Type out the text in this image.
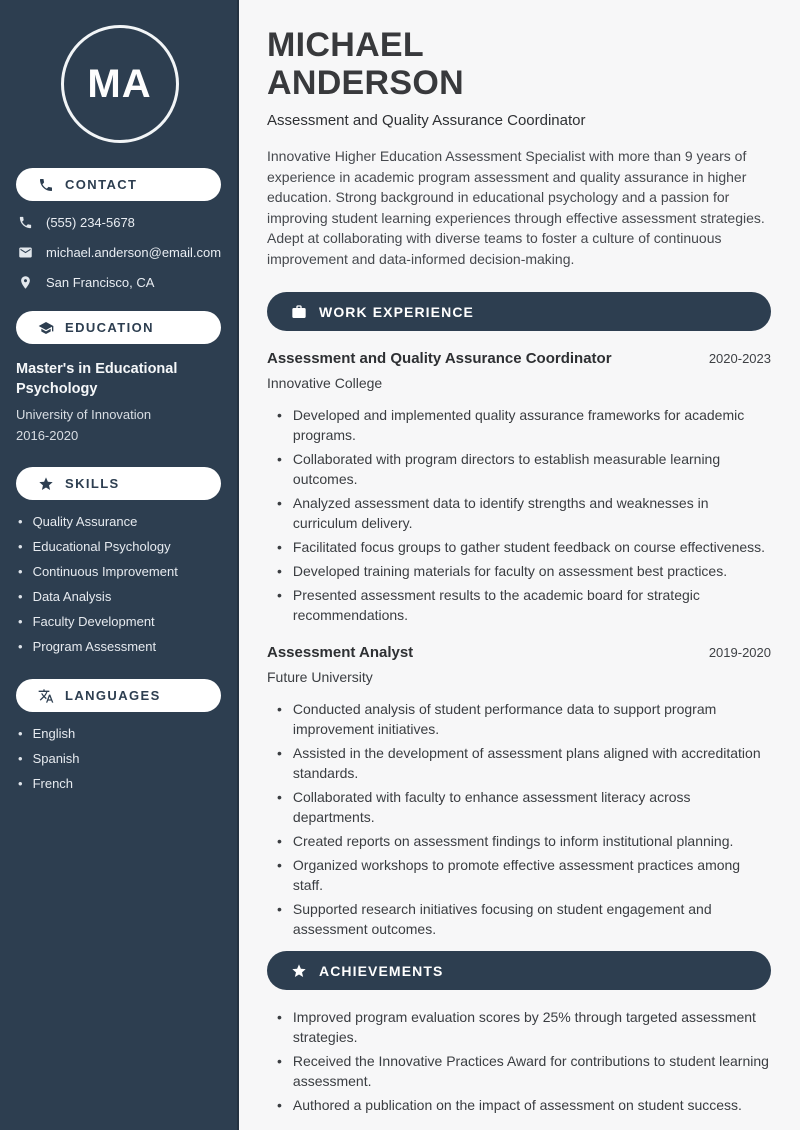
MA
CONTACT
(555) 234-5678
michael.anderson@email.com
San Francisco, CA
EDUCATION
Master's in Educational Psychology
University of Innovation
2016-2020
SKILLS
• Quality Assurance
• Educational Psychology
• Continuous Improvement
• Data Analysis
• Faculty Development
• Program Assessment
LANGUAGES
• English
• Spanish
• French
MICHAEL
ANDERSON
Assessment and Quality Assurance Coordinator

Innovative Higher Education Assessment Specialist with more than 9 years of experience in academic program assessment and quality assurance in higher education. Strong background in educational psychology and a passion for improving student learning experiences through effective assessment strategies. Adept at collaborating with diverse teams to foster a culture of continuous improvement and data-informed decision-making.

WORK EXPERIENCE
Assessment and Quality Assurance Coordinator	2020-2023
Innovative College
• Developed and implemented quality assurance frameworks for academic programs.
• Collaborated with program directors to establish measurable learning outcomes.
• Analyzed assessment data to identify strengths and weaknesses in curriculum delivery.
• Facilitated focus groups to gather student feedback on course effectiveness.
• Developed training materials for faculty on assessment best practices.
• Presented assessment results to the academic board for strategic recommendations.
Assessment Analyst	2019-2020
Future University
• Conducted analysis of student performance data to support program improvement initiatives.
• Assisted in the development of assessment plans aligned with accreditation standards.
• Collaborated with faculty to enhance assessment literacy across departments.
• Created reports on assessment findings to inform institutional planning.
• Organized workshops to promote effective assessment practices among staff.
• Supported research initiatives focusing on student engagement and assessment outcomes.
ACHIEVEMENTS
• Improved program evaluation scores by 25% through targeted assessment strategies.
• Received the Innovative Practices Award for contributions to student learning assessment.
• Authored a publication on the impact of assessment on student success.
